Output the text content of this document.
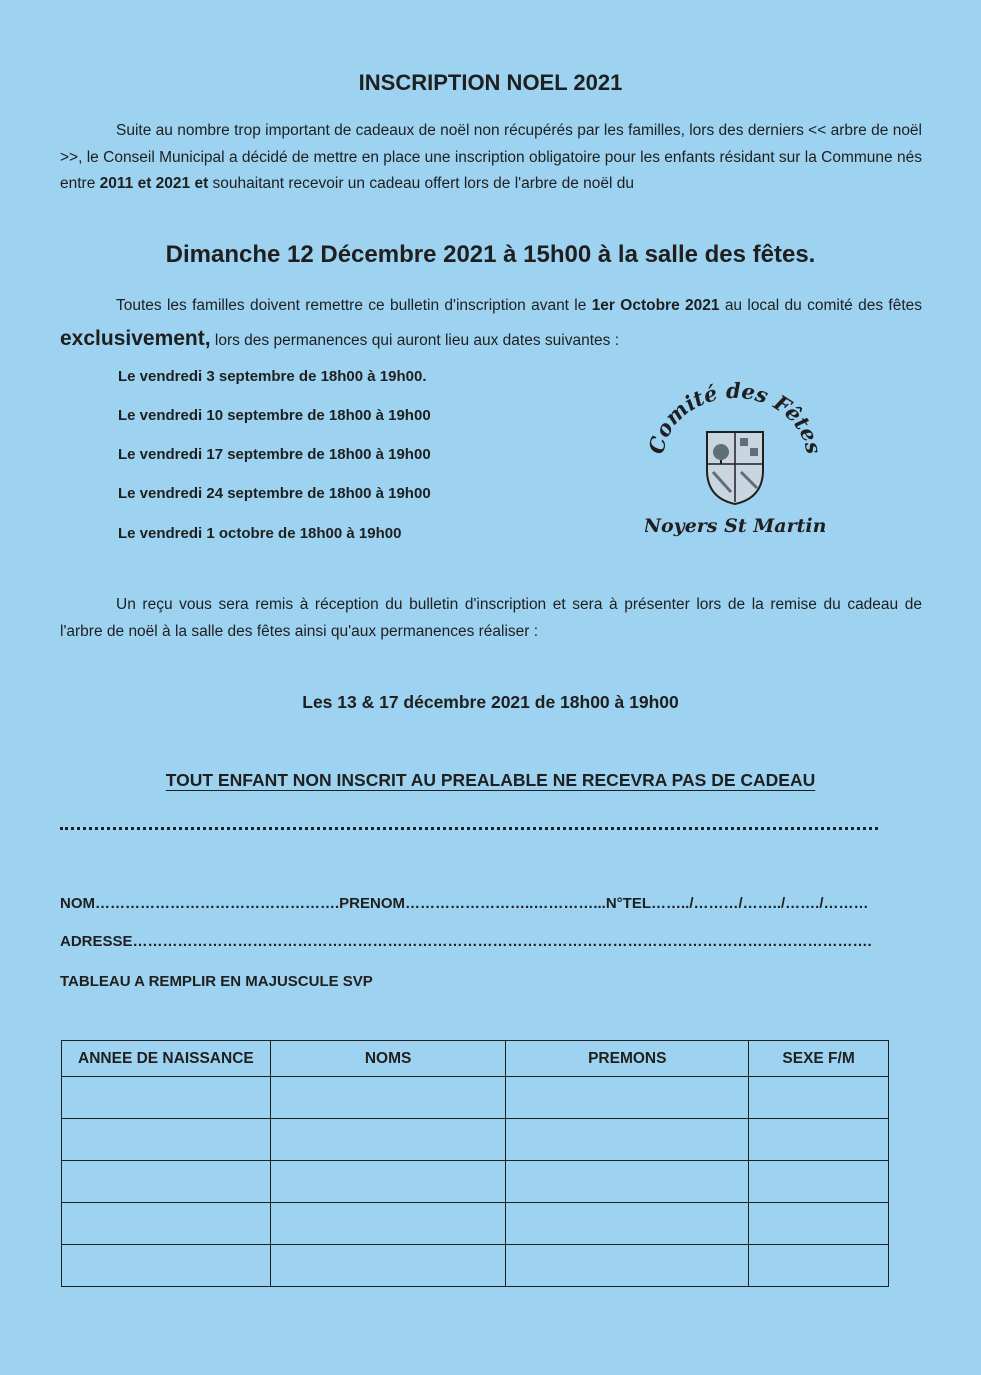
INSCRIPTION NOEL 2021
Suite au nombre trop important de cadeaux de noël non récupérés par les familles, lors des derniers << arbre de noël >>, le Conseil Municipal a décidé de mettre en place une inscription obligatoire pour les enfants résidant sur la Commune nés entre 2011 et 2021 et souhaitant recevoir un cadeau offert lors de l'arbre de noël du
Dimanche 12 Décembre 2021 à 15h00 à la salle des fêtes.
Toutes les familles doivent remettre ce bulletin d'inscription avant le 1er Octobre 2021 au local du comité des fêtes exclusivement, lors des permanences qui auront lieu aux dates suivantes :
Le vendredi 3 septembre de 18h00 à 19h00.
Le vendredi 10 septembre de 18h00 à 19h00
Le vendredi 17 septembre de 18h00 à 19h00
Le vendredi 24 septembre de 18h00 à 19h00
Le vendredi 1 octobre de 18h00 à 19h00
Comité des Fêtes
Noyers St Martin
Un reçu vous sera remis à réception du bulletin d'inscription et sera à présenter lors de la remise du cadeau de l'arbre de noël à la salle des fêtes ainsi qu'aux permanences réaliser :
Les 13 & 17 décembre 2021 de 18h00 à 19h00
TOUT ENFANT NON INSCRIT AU PREALABLE NE RECEVRA PAS DE CADEAU
NOM………………………………………….PRENOM……………………..…………...N°TEL……../………/……../……./………
ADRESSE………………………………………………………………………………………………………………………………….
TABLEAU A REMPLIR EN MAJUSCULE SVP
ANNEE DE NAISSANCE	NOMS	PREMONS	SEXE F/M
